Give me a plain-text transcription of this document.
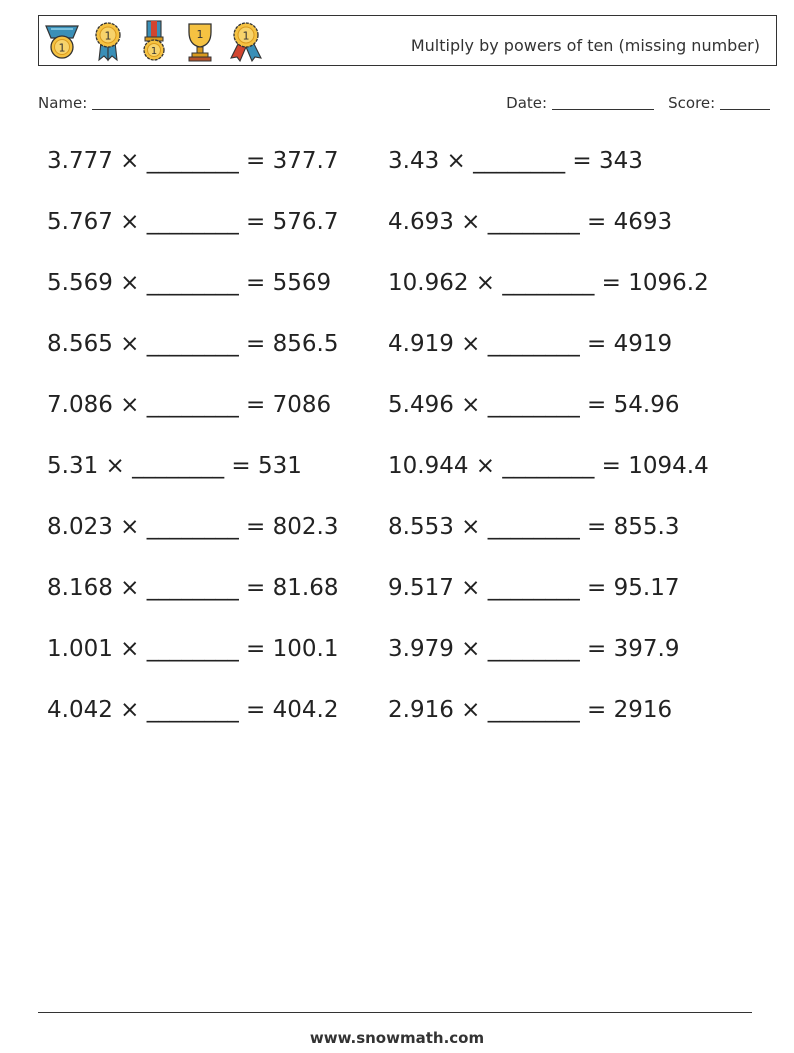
1
1
1
1	1	Multiply by powers of ten (missing number)
Name:	Date:	Score:
3.777 × ________ = 377.7 3.43 × ________ = 343
5.767 × ________ = 576.7 4.693 × ________ = 4693
5.569 × ________ = 5569 10.962 × ________ = 1096.2
8.565 × ________ = 856.5 4.919 × ________ = 4919
7.086 × ________ = 7086 5.496 × ________ = 54.96
5.31 × ________ = 531	10.944 × ________ = 1094.4
8.023 × ________ = 802.3 8.553 × ________ = 855.3
8.168 × ________ = 81.68 9.517 × ________ = 95.17
1.001 × ________ = 100.1 3.979 × ________ = 397.9
4.042 × ________ = 404.2 2.916 × ________ = 2916
www.snowmath.com
